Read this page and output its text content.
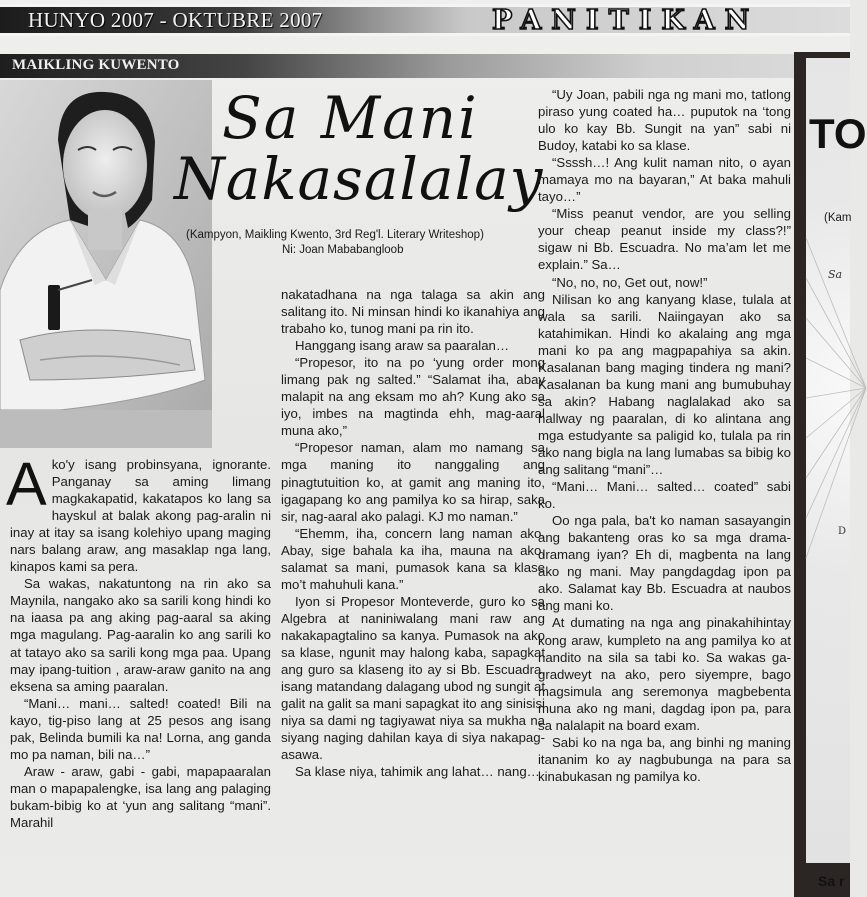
HUNYO 2007 - OKTUBRE 2007	PANITIKAN
MAIKLING KUWENTO
Sa Mani
Nakasalalay
(Kampyon, Maikling Kwento, 3rd Reg'l. Literary Writeshop)
Ni: Joan Mababangloob

Ako'y isang probinsyana, ignorante. Panganay sa aming limang magkakapatid, kakatapos ko lang sa hayskul at balak akong pag-aralin ni inay at itay sa isang kolehiyo upang maging nars balang araw, ang masaklap nga lang, kinapos kami sa pera.

Sa wakas, nakatuntong na rin ako sa Maynila, nangako ako sa sarili kong hindi ko na iaasa pa ang aking pag-aaral sa aking mga magulang. Pag-aaralin ko ang sarili ko at tatayo ako sa sarili kong mga paa. Upang may ipang-tuition , araw-araw ganito na ang eksena sa aming paaralan.

“Mani… mani… salted! coated! Bili na kayo, tig-piso lang at 25 pesos ang isang pak, Belinda bumili ka na! Lorna, ang ganda mo pa naman, bili na…”

Araw - araw, gabi - gabi, mapapaaralan man o mapapalengke, isa lang ang palaging bukam-bibig ko at ‘yun ang salitang “mani”. Marahil

nakatadhana na nga talaga sa akin ang salitang ito. Ni minsan hindi ko ikanahiya ang trabaho ko, tunog mani pa rin ito.

Hanggang isang araw sa paaralan…

“Propesor, ito na po ‘yung order mong limang pak ng salted.” “Salamat iha, abay malapit na ang eksam mo ah? Kung ako sa iyo, imbes na magtinda ehh, mag-aaral muna ako,”

“Propesor naman, alam mo namang sa mga maning ito nanggaling ang pinagtutuition ko, at gamit ang maning ito, igagapang ko ang pamilya ko sa hirap, saka sir, nag-aaral ako palagi. KJ mo naman.”

“Ehemm, iha, concern lang naman ako. Abay, sige bahala ka iha, mauna na ako, salamat sa mani, pumasok kana sa klase mo’t mahuhuli kana.”

Iyon si Propesor Monteverde, guro ko sa Algebra at naniniwalang mani raw ang nakakapagtalino sa kanya. Pumasok na ako sa klase, ngunit may halong kaba, sapagkat ang guro sa klaseng ito ay si Bb. Escuadra, isang matandang dalagang ubod ng sungit at galit na galit sa mani sapagkat ito ang sinisisi niya sa dami ng tagiyawat niya sa mukha na siyang naging dahilan kaya di siya nakapag-asawa.

Sa klase niya, tahimik ang lahat… nang…

“Uy Joan, pabili nga ng mani mo, tatlong piraso yung coated ha… puputok na ‘tong ulo ko kay Bb. Sungit na yan” sabi ni Budoy, katabi ko sa klase.

“Ssssh…! Ang kulit naman nito, o ayan mamaya mo na bayaran,” At baka mahuli tayo…”

“Miss peanut vendor, are you selling your cheap peanut inside my class?!” sigaw ni Bb. Escuadra. No ma’am let me explain.” Sa…

“No, no, no, Get out, now!”

Nilisan ko ang kanyang klase, tulala at wala sa sarili. Naiingayan ako sa katahimikan. Hindi ko akalaing ang mga mani ko pa ang magpapahiya sa akin. Kasalanan bang maging tindera ng mani? Kasalanan ba kung mani ang bumubuhay sa akin? Habang naglalakad ako sa hallway ng paaralan, di ko alintana ang mga estudyante sa paligid ko, tulala pa rin ako nang bigla na lang lumabas sa bibig ko ang salitang “mani”…

“Mani… Mani… salted… coated” sabi ko.

Oo nga pala, ba't ko naman sasayangin ang bakanteng oras ko sa mga drama-dramang iyan? Eh di, magbenta na lang ako ng mani. May pangdagdag ipon pa ako. Salamat kay Bb. Escuadra at naubos ang mani ko.

At dumating na nga ang pinakahihintay kong araw, kumpleto na ang pamilya ko at nandito na sila sa tabi ko. Sa wakas ga-gradweyt na ako, pero siyempre, bago magsimula ang seremonya magbebenta muna ako ng mani, dagdag ipon pa, para sa nalalapit na board exam.

Sabi ko na nga ba, ang binhi ng maning itananim ko ay nagbubunga na para sa kinabukasan ng pamilya ko.

TO
(Kam
Sa
D
Sa r
